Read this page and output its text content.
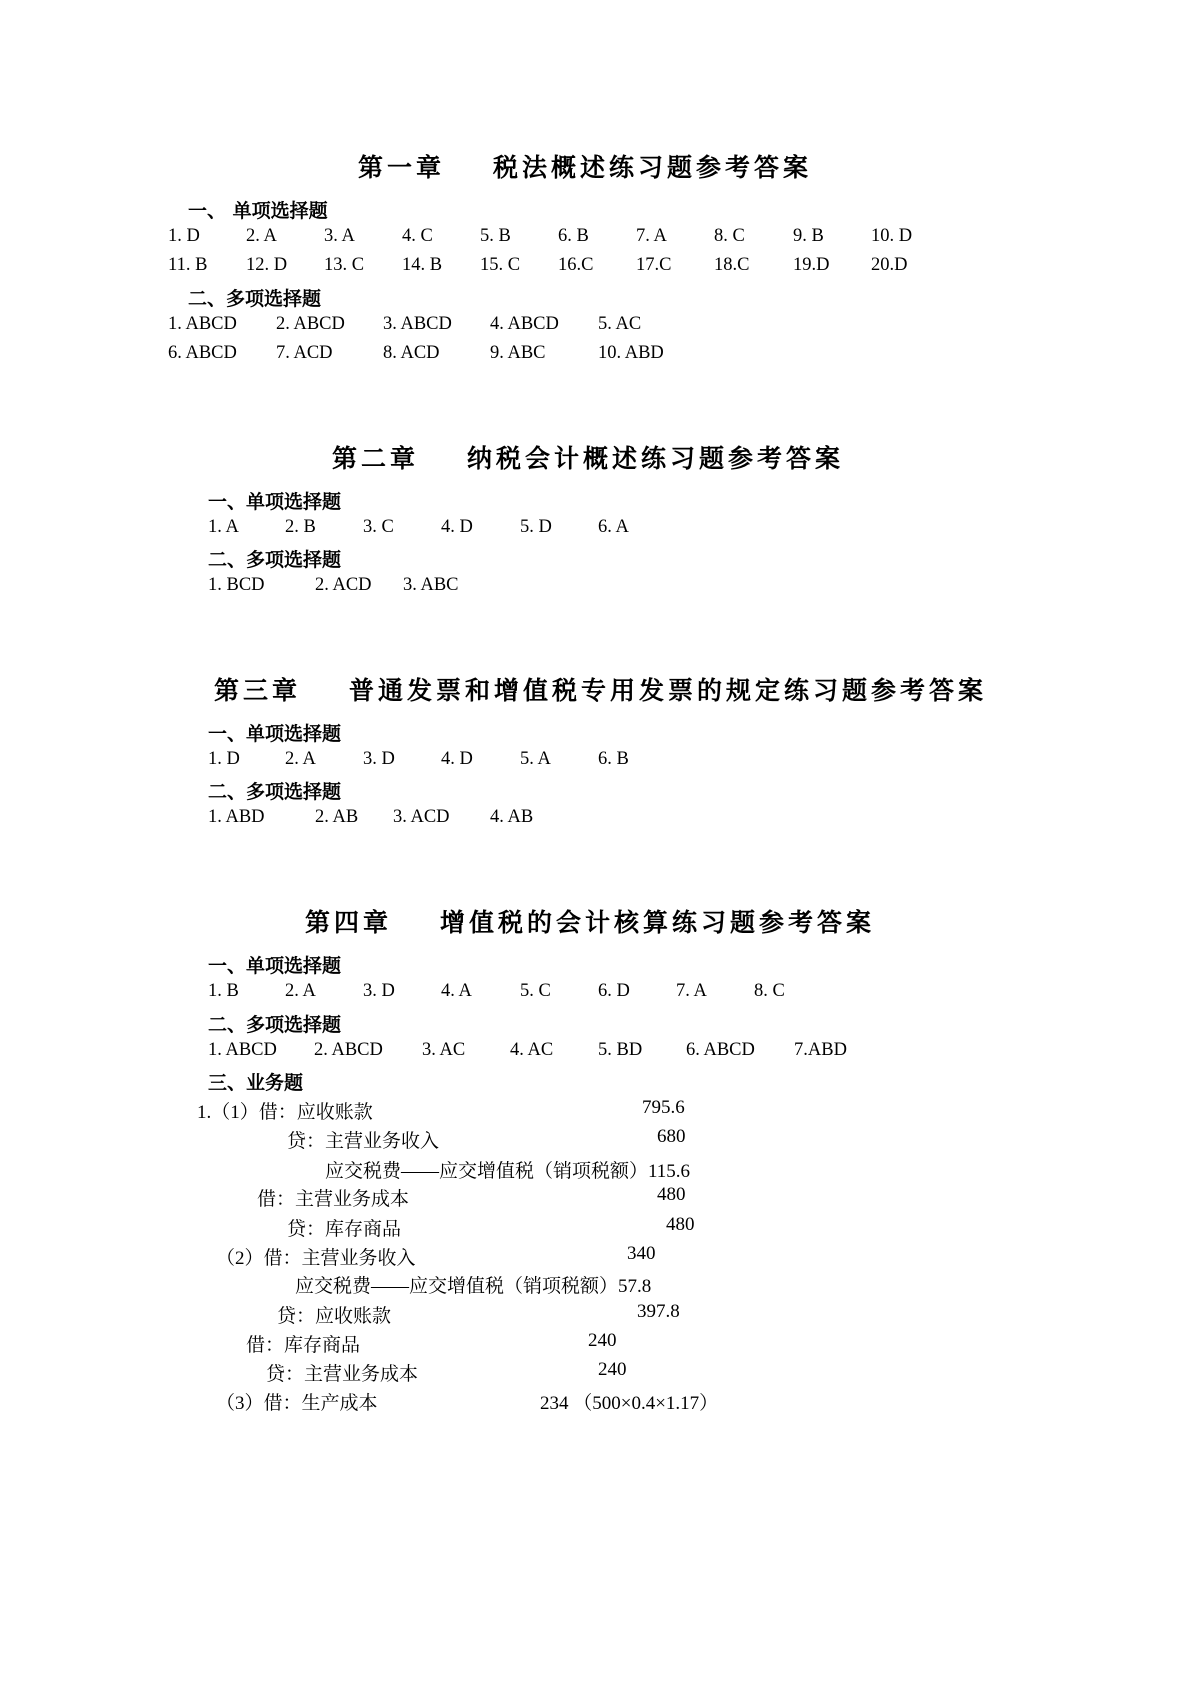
第一章 税法概述练习题参考答案
一、 单项选择题
1. D 2. A	3. A	4. C	5. B	6. B	7. A	8. C	9. B	10. D
11. B 12. D 13. C 14. B 15. C 16.C 17.C 18.C 19.D 20.D
二、多项选择题
1. ABCD 2. ABCD 3. ABCD 4. ABCD 5. AC
6. ABCD 7. ACD	8. ACD	9. ABC	10. ABD
第二章 纳税会计概述练习题参考答案
一、单项选择题
1. A 2. B	3. C	4. D	5. D 6. A
二、多项选择题
1. BCD	2. ACD 3. ABC
第三章 普通发票和增值税专用发票的规定练习题参考答案
一、单项选择题
1. D 2. A	3. D 4. D	5. A	6. B
二、多项选择题
1. ABD	2. AB 3. ACD 4. AB
第四章 增值税的会计核算练习题参考答案
一、单项选择题
1. B 2. A	3. D 4. A	5. C	6. D 7. A	8. C
二、多项选择题
1. ABCD 2. ABCD 3. AC 4. AC 5. BD 6. ABCD 7.ABD
三、业务题
1.（1）借：应收账款	795.6
贷：主营业务收入	680
应交税费——应交增值税（销项税额）115.6
借：主营业务成本	480
贷：库存商品	480
（2）借：主营业务收入	340
应交税费——应交增值税（销项税额）57.8
贷：应收账款	397.8
借：库存商品	240
贷：主营业务成本	240
（3）借：生产成本	234 （500×0.4×1.17）
